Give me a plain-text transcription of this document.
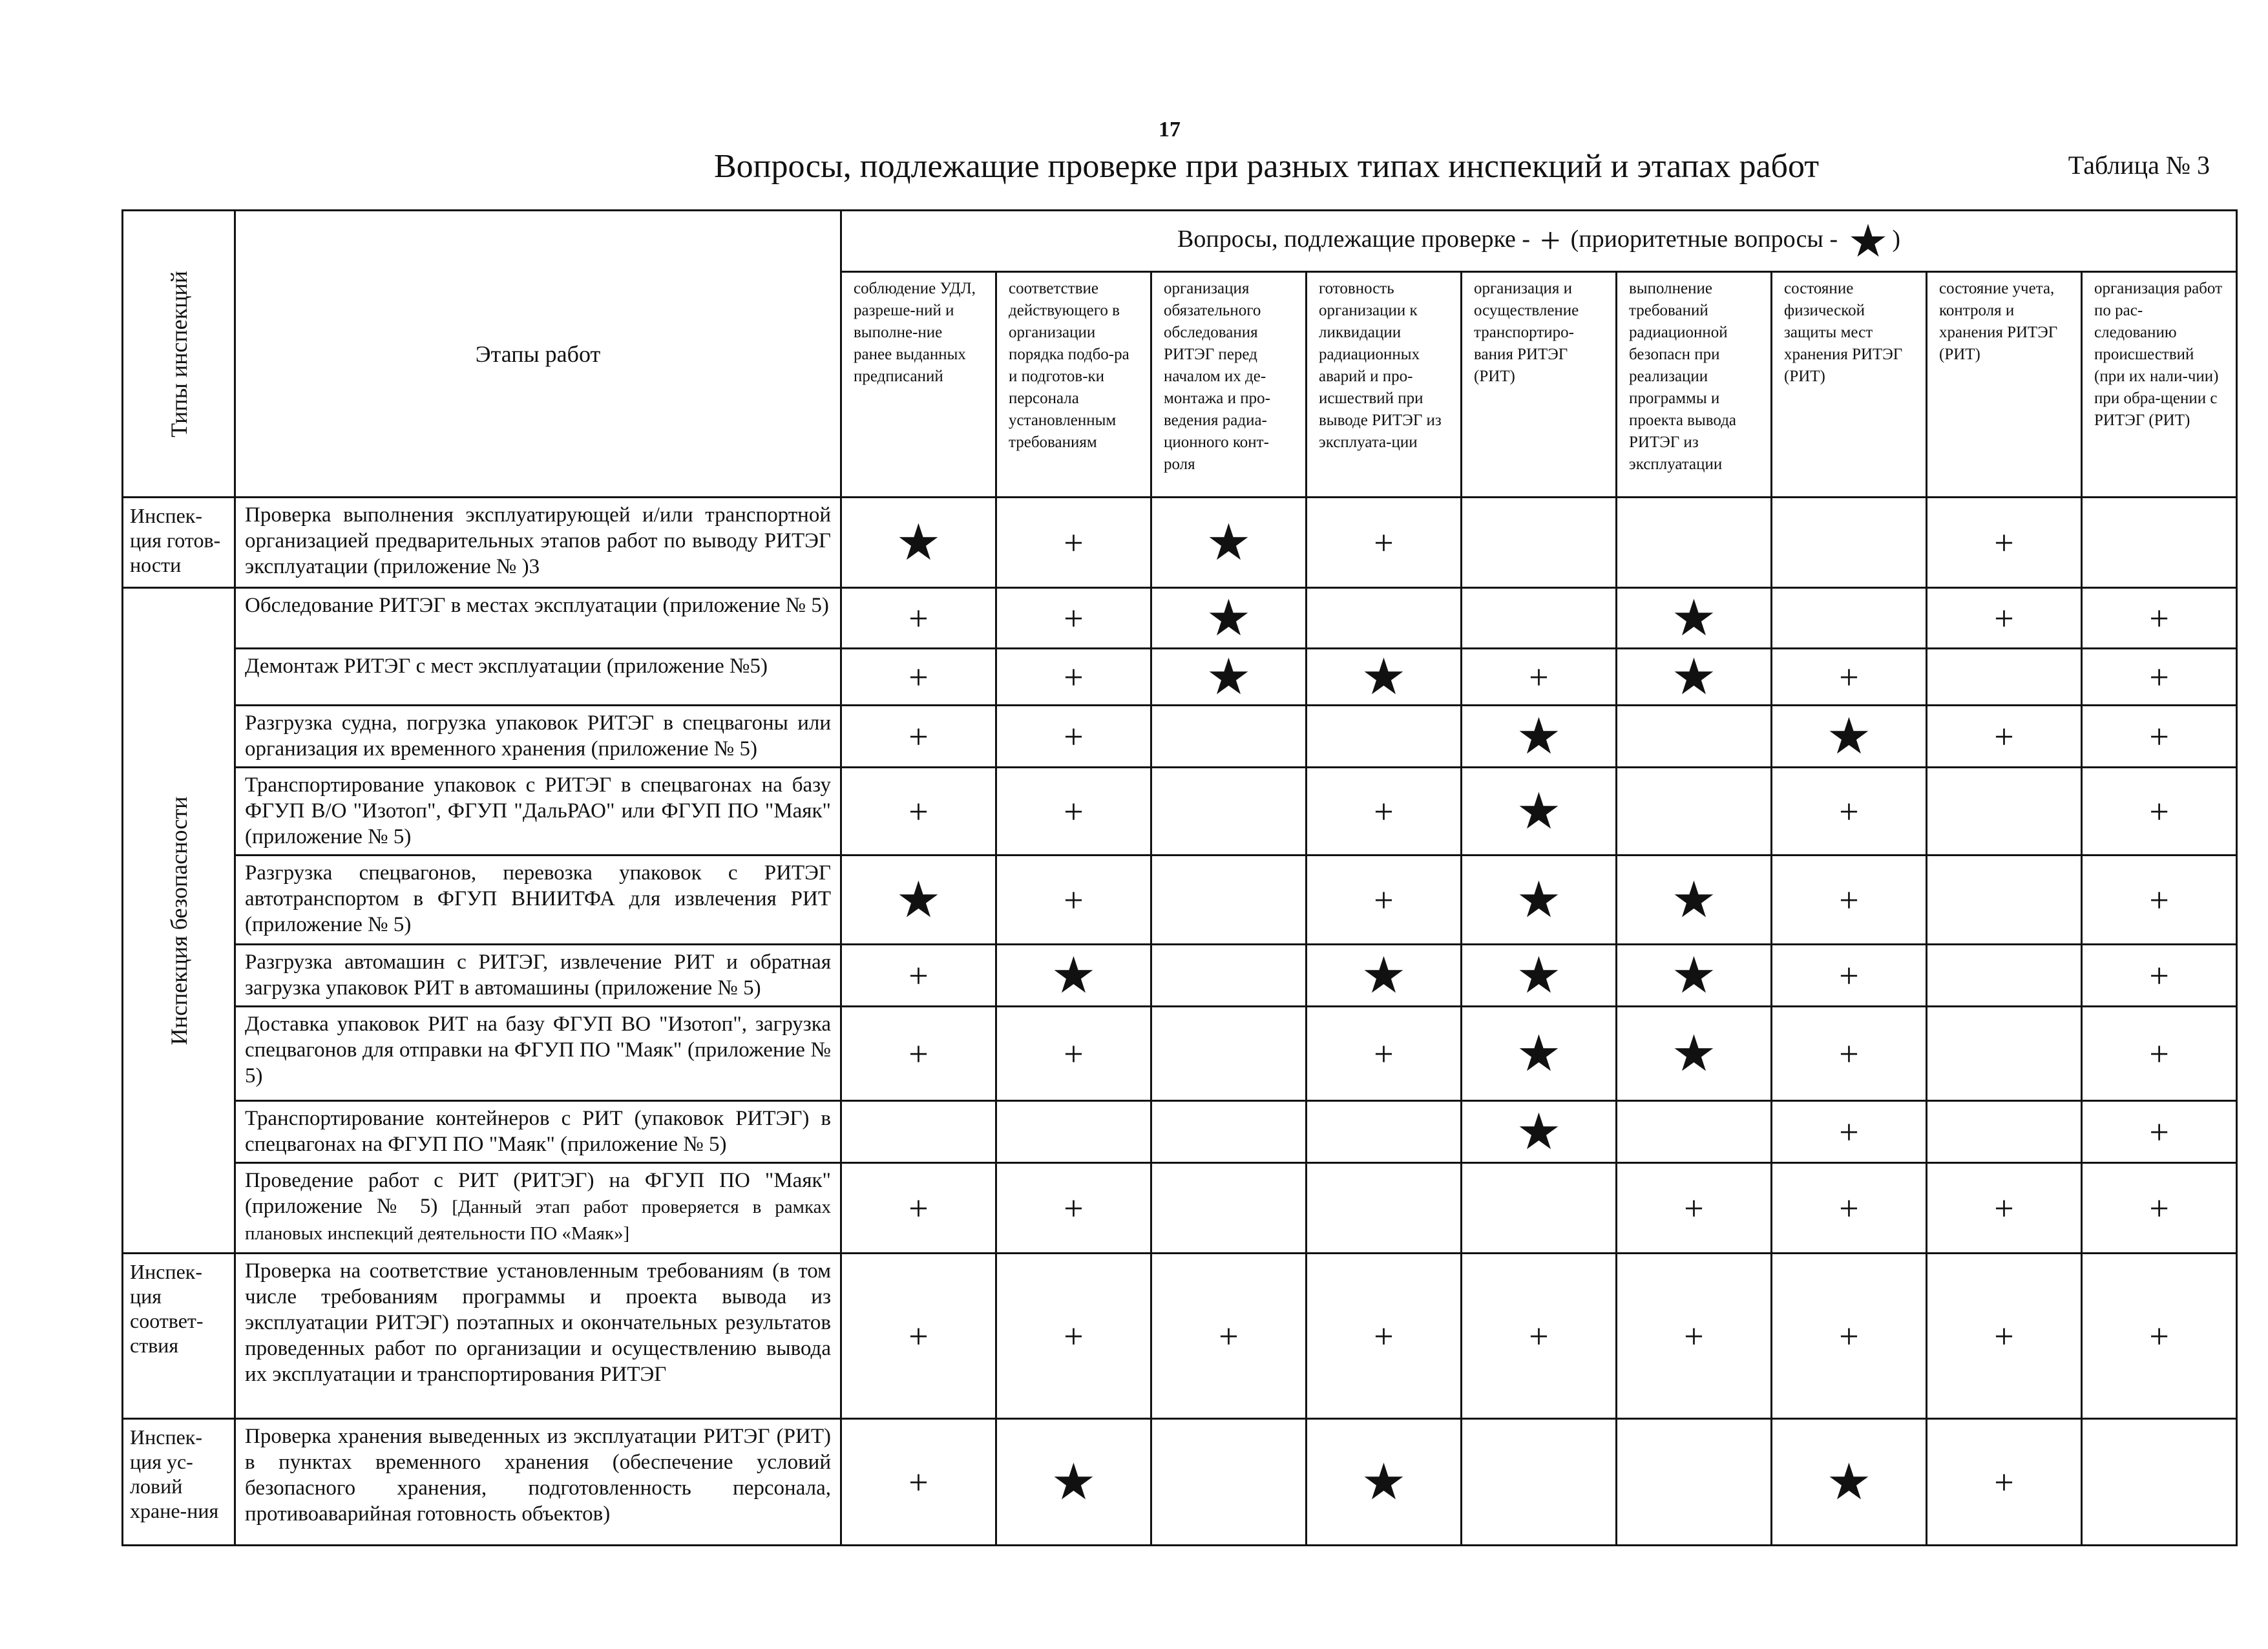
17
Вопросы, подлежащие проверке при разных типах инспекций и этапах работ	Таблица № 3
Типы инспекций	Этапы работ	Вопросы, подлежащие проверке - + (приоритетные вопросы - ★ )								
		соблюдение УДЛ, разреше-ний и выполне-ние ранее выданных предписаний	соответствие действующего в организации порядка подбо-ра и подготов-ки персонала установленным требованиям	организация обязательного обследования РИТЭГ перед началом их де-монтажа и про-ведения радиа-ционного конт-роля	готовность организации к ликвидации радиационных аварий и про-исшествий при выводе РИТЭГ из эксплуата-ции	организация и осуществление транспортиро-вания РИТЭГ (РИТ)	выполнение требований радиационной безопасн при реализации программы и проекта вывода РИТЭГ из эксплуатации	состояние физической защиты мест хранения РИТЭГ (РИТ)	состояние учета, контроля и хранения РИТЭГ (РИТ)	организация работ по рас-следованию происшествий (при их нали-чии) при обра-щении с РИТЭГ (РИТ)
Инспек-ция готов-ности	Проверка выполнения эксплуатирующей и/или транспортной организацией предварительных этапов работ по выводу РИТЭГ эксплуатации (приложение № )3	★	+	★	+				+	

Инспекция безопасности	Обследование РИТЭГ в местах эксплуатации (приложение № 5)	+	+	★			★		+	+
	Демонтаж РИТЭГ с мест эксплуатации (приложение №5)	+	+	★	★	+	★	+		+
	Разгрузка судна, погрузка упаковок РИТЭГ в спецвагоны или организация их временного хранения (приложение № 5)	+	+			★		★	+	+
	Транспортирование упаковок с РИТЭГ в спецвагонах на базу ФГУП В/О "Изотоп", ФГУП "ДальРАО" или ФГУП ПО "Маяк" (приложение № 5)	+	+		+	★		+		+
	Разгрузка спецвагонов, перевозка упаковок с РИТЭГ автотранспортом в ФГУП ВНИИТФА для извлечения РИТ (приложение № 5)	★	+		+	★	★	+		+
	Разгрузка автомашин с РИТЭГ, извлечение РИТ и обратная загрузка упаковок РИТ в автомашины (приложение № 5)	+	★		★	★	★	+		+
	Доставка упаковок РИТ на базу ФГУП ВО "Изотоп", загрузка спецвагонов для отправки на ФГУП ПО "Маяк" (приложение № 5)	+	+		+	★	★	+		+
	Транспортирование контейнеров с РИТ (упаковок РИТЭГ) в спецвагонах на ФГУП ПО "Маяк" (приложение № 5)					★		+		+
	Проведение работ с РИТ (РИТЭГ) на ФГУП ПО "Маяк" (приложение № 5) [Данный этап работ проверяется в рамках плановых инспекций деятельности ПО «Маяк»]	+	+				+	+	+	+
Инспек-ция соответ-ствия	Проверка на соответствие установленным требованиям (в том числе требованиям программы и проекта вывода из эксплуатации РИТЭГ) поэтапных и окончательных результатов проведенных работ по организации и осуществлению вывода их эксплуатации и транспортирования РИТЭГ	+	+	+	+	+	+	+	+	+
Инспек-ция ус-ловий хране-ния	Проверка хранения выведенных из эксплуатации РИТЭГ (РИТ) в пунктах временного хранения (обеспечение условий безопасного хранения, подготовленность персонала, противоаварийная готовность объектов)	+	★		★			★	+	
